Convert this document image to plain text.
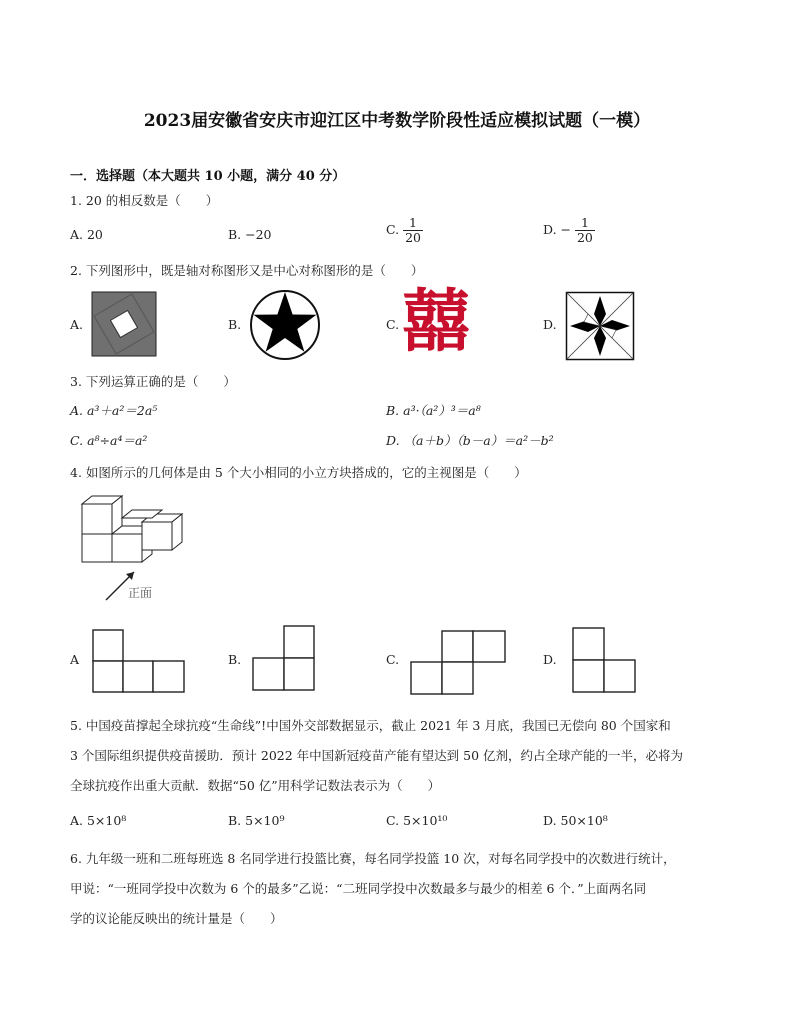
2023届安徽省安庆市迎江区中考数学阶段性适应模拟试题（一模）
一．选择题（本大题共 10 小题，满分 40 分）
1. 20 的相反数是（　　）
A. 20	B. −20	C. $\frac{1}{20}$	D. − $\frac{1}{20}$
2. 下列图形中，既是轴对称图形又是中心对称图形的是（　　）
A.	B.	C. 囍	D.
3. 下列运算正确的是（　　）
A. a³＋a²＝2a⁵	B. a³·（a²）³＝a⁸
C. a⁸÷a⁴＝a²	D. （a＋b）（b－a）＝a²－b²
4. 如图所示的几何体是由 5 个大小相同的小立方块搭成的，它的主视图是（　　）
正面
A	B.	C.	D.
5. 中国疫苗撑起全球抗疫“生命线”!中国外交部数据显示，截止 2021 年 3 月底，我国已无偿向 80 个国家和
3 个国际组织提供疫苗援助．预计 2022 年中国新冠疫苗产能有望达到 50 亿剂，约占全球产能的一半，必将为
全球抗疫作出重大贡献．数据“50 亿”用科学记数法表示为（　　）
A. 5×10⁸	B. 5×10⁹	C. 5×10¹⁰	D. 50×10⁸
6. 九年级一班和二班每班选 8 名同学进行投篮比赛，每名同学投篮 10 次，对每名同学投中的次数进行统计，
甲说：“一班同学投中次数为 6 个的最多”乙说：“二班同学投中次数最多与最少的相差 6 个．”上面两名同
学的议论能反映出的统计量是（　　）
